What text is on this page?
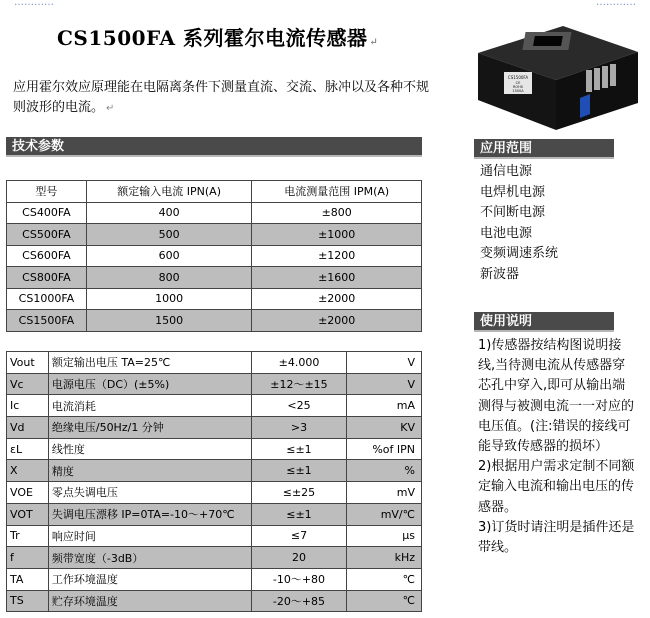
…………	…………
CS1500FA 系列霍尔电流传感器 ↵
应用霍尔效应原理能在电隔离条件下测量直流、交流、脉冲以及各种不规则波形的电流。 ↵
CS1500FA
CE
ROHS
1500A
技术参数
型号	额定输入电流 IPN(A)	电流测量范围 IPM(A)
CS400FA	400	±800
CS500FA	500	±1000
CS600FA	600	±1200
CS800FA	800	±1600
CS1000FA	1000	±2000
CS1500FA	1500	±2000
Vout	额定输出电压 TA=25℃	±4.000	V
Vc	电源电压（DC）(±5%)	±12～±15	V
Ic	电流消耗	<25	mA
Vd	绝缘电压/50Hz/1 分钟	>3	KV
εL	线性度	≤±1	%of IPN
X	精度	≤±1	%
VOE	零点失调电压	≤±25	mV
VOT	失调电压漂移 IP=0TA=-10～+70℃	≤±1	mV/℃
Tr	响应时间	≤7	μs
f	频带宽度（-3dB）	20	kHz
TA	工作环境温度	-10～+80	℃
TS	贮存环境温度	-20～+85	℃
应用范围
通信电源
电焊机电源
不间断电源
电池电源
变频调速系统
新波器
使用说明

1)传感器按结构图说明接线,当待测电流从传感器穿芯孔中穿入,即可从输出端测得与被测电流一一对应的电压值。(注:错误的接线可能导致传感器的损坏）

2)根据用户需求定制不同额定输入电流和输出电压的传感器。

3)订货时请注明是插件还是带线。
